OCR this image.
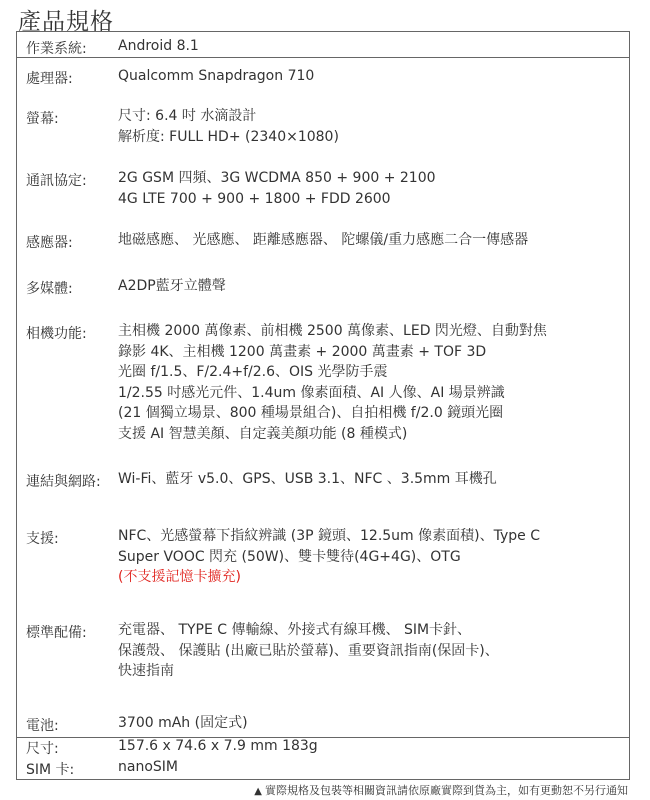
產品規格
作業系統: Android 8.1
處理器:	Qualcomm Snapdragon 710
螢幕:	尺寸: 6.4 吋 水滴設計
解析度: FULL HD+ (2340×1080)
通訊協定: 2G GSM 四頻、3G WCDMA 850 + 900 + 2100
4G LTE 700 + 900 + 1800 + FDD 2600
感應器:	地磁感應、 光感應、 距離感應器、 陀螺儀/重力感應二合一傳感器
多媒體:	A2DP藍牙立體聲
相機功能: 主相機 2000 萬像素、前相機 2500 萬像素、LED 閃光燈、自動對焦
錄影 4K、主相機 1200 萬畫素 + 2000 萬畫素 + TOF 3D
光圈 f/1.5、F/2.4+f/2.6、OIS 光學防手震
1/2.55 吋感光元件、1.4um 像素面積、AI 人像、AI 場景辨識
(21 個獨立場景、800 種場景組合)、自拍相機 f/2.0 鏡頭光圈
支援 AI 智慧美顏、自定義美顏功能 (8 種模式)
連結與網路: Wi-Fi、藍牙 v5.0、GPS、USB 3.1、NFC 、3.5mm 耳機孔
支援:	NFC、光感螢幕下指紋辨識 (3P 鏡頭、12.5um 像素面積)、Type C
Super VOOC 閃充 (50W)、雙卡雙待(4G+4G)、OTG
(不支援記憶卡擴充)
標準配備: 充電器、 TYPE C 傳輸線、外接式有線耳機、 SIM卡針、
保護殼、 保護貼 (出廠已貼於螢幕)、重要資訊指南(保固卡)、
快速指南
電池:	3700 mAh (固定式)
尺寸:	157.6 x 74.6 x 7.9 mm 183g
SIM 卡:	nanoSIM
▲ 實際規格及包裝等相關資訊請依原廠實際到貨為主，如有更動恕不另行通知
